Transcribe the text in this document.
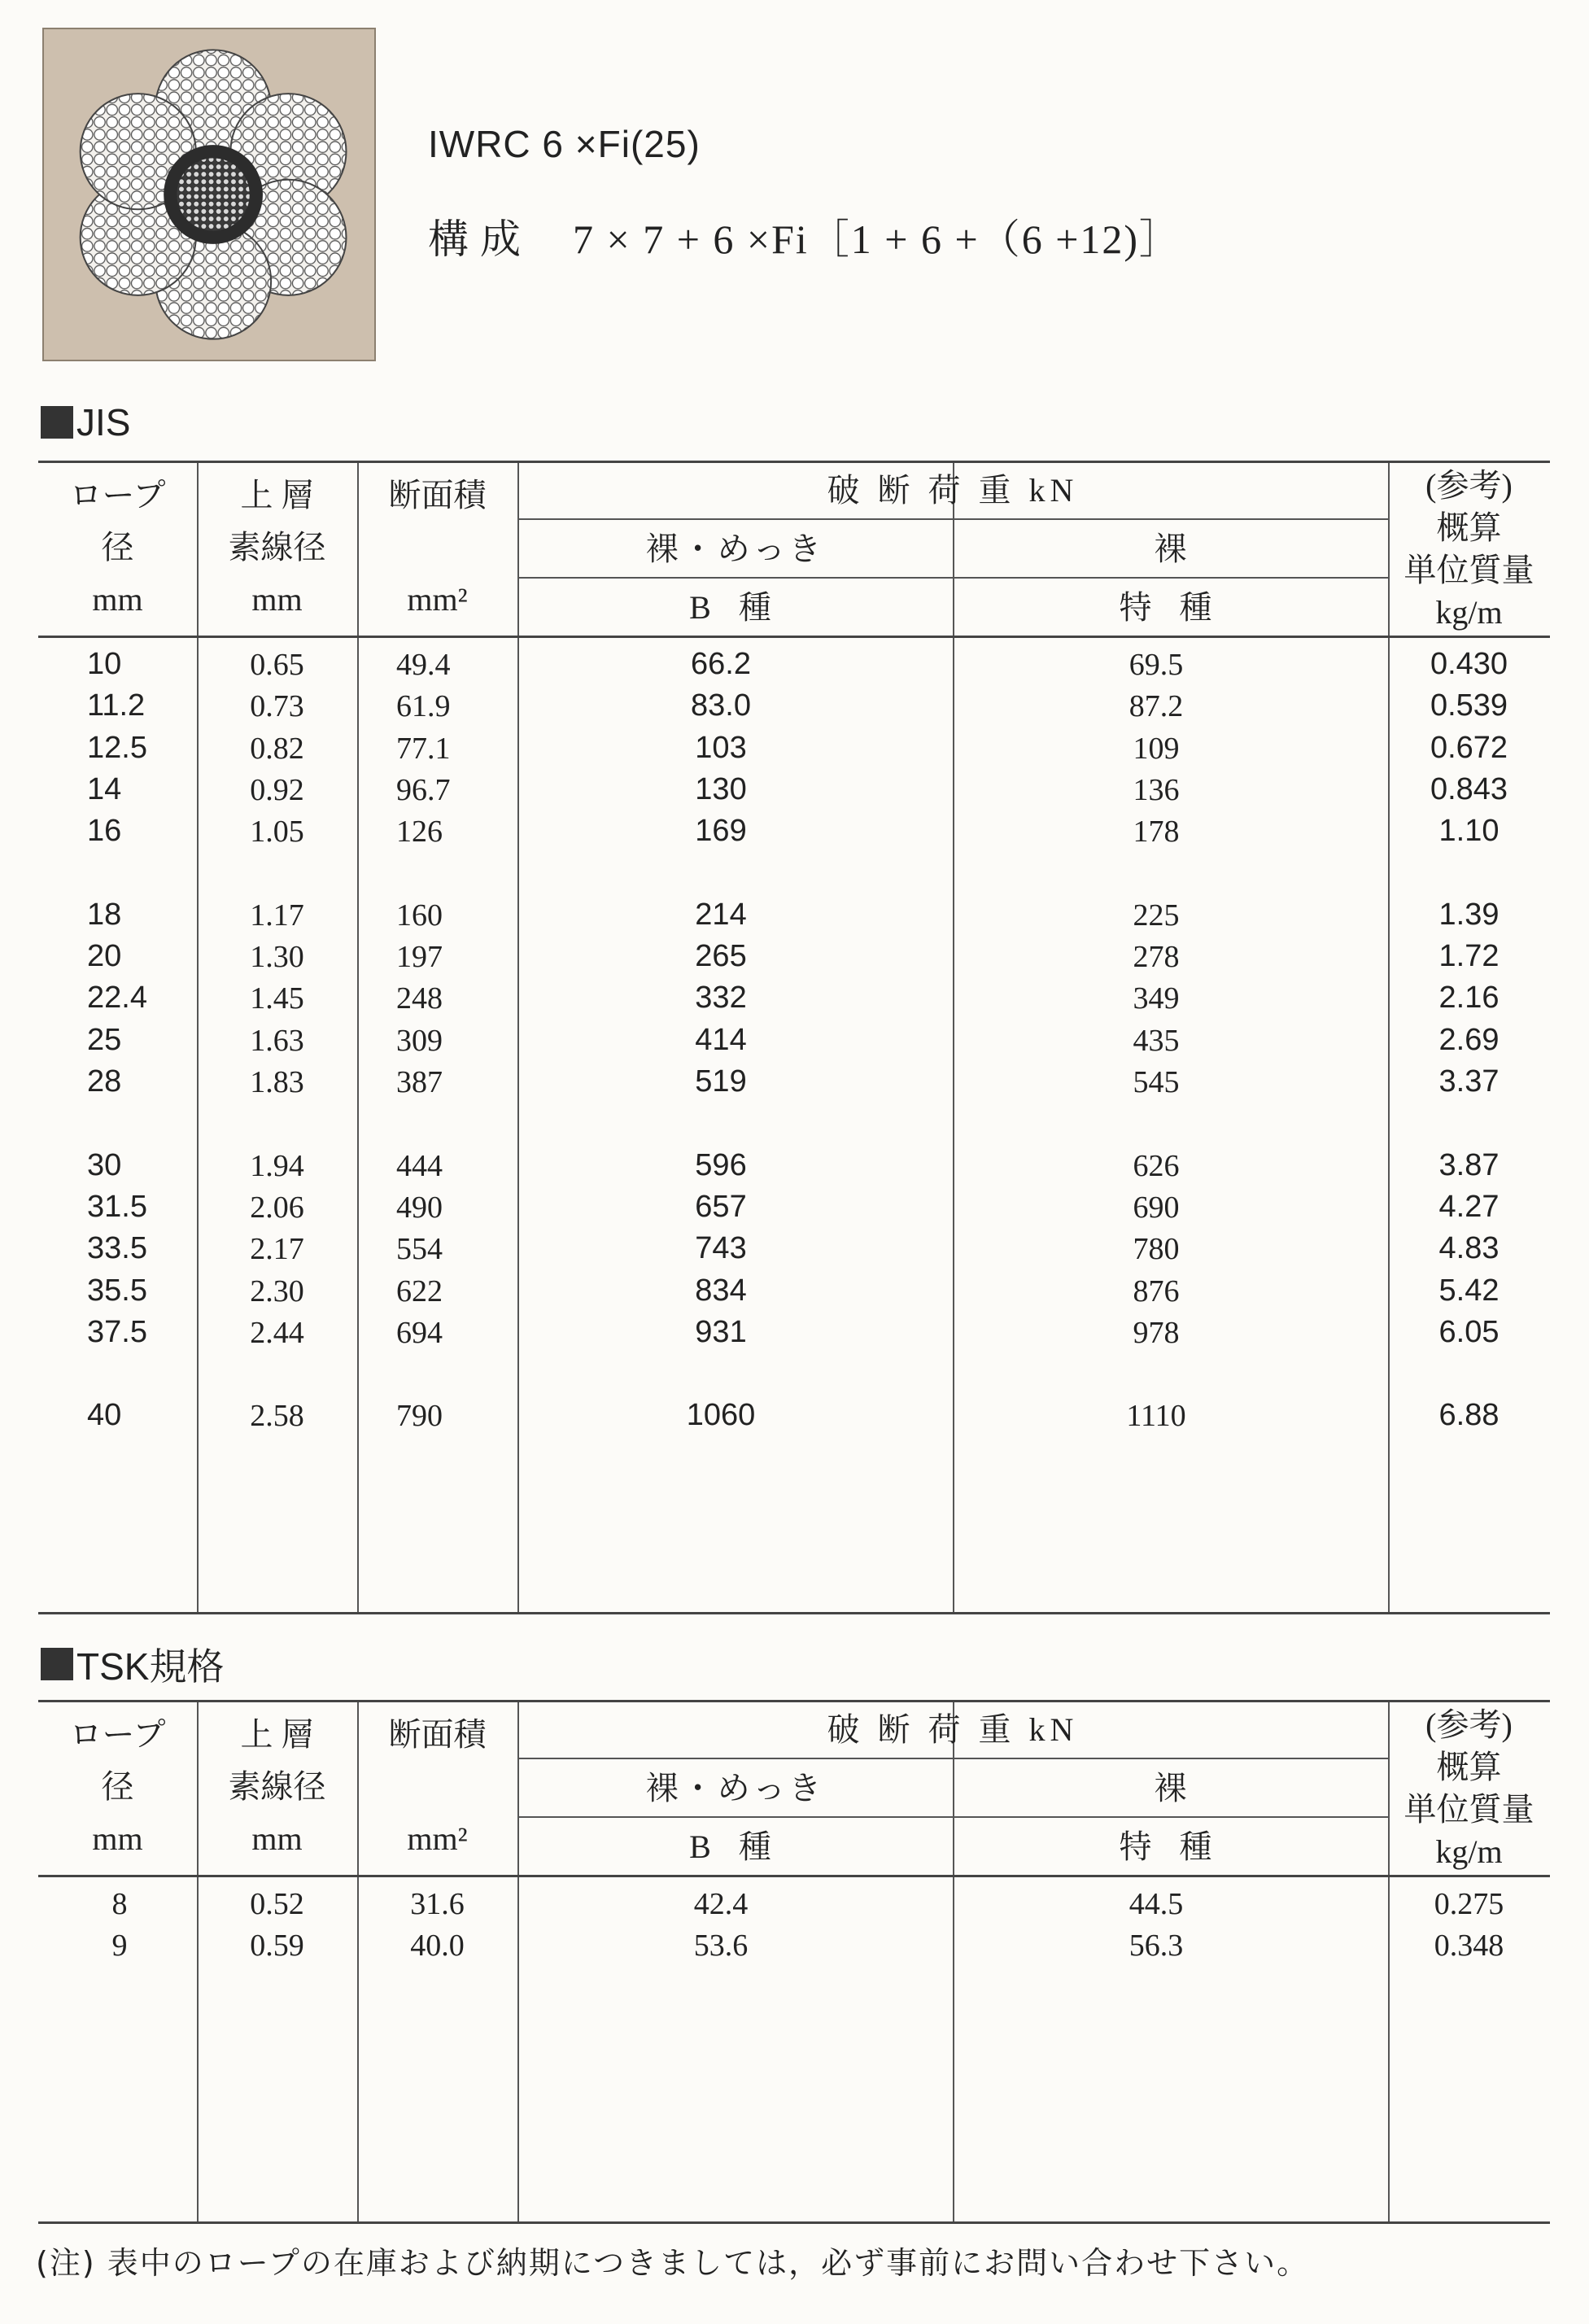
IWRC 6 ×Fi(25)
構成 7 × 7 + 6 ×Fi［1 + 6 +（6 +12)］
JIS
ロープ
径
mm
上 層
素線径
mm
断面積
mm²
破 断 荷 重 kN
裸・めっき	裸
B 種	特 種
(参考)
概算
単位質量
kg/m
10	0.65	49.4	66.2	69.5	0.430
11.2	0.73	61.9	83.0	87.2	0.539
12.5	0.82	77.1	103	109	0.672
14	0.92	96.7	130	136	0.843
16	1.05	126	169	178	1.10
18	1.17	160	214	225	1.39
20	1.30	197	265	278	1.72
22.4	1.45	248	332	349	2.16
25	1.63	309	414	435	2.69
28	1.83	387	519	545	3.37
30	1.94	444	596	626	3.87
31.5	2.06	490	657	690	4.27
33.5	2.17	554	743	780	4.83
35.5	2.30	622	834	876	5.42
37.5	2.44	694	931	978	6.05
40	2.58	790	1060	1110	6.88
TSK規格
ロープ
径
mm
上 層
素線径
mm
断面積
mm²
破 断 荷 重 kN
裸・めっき	裸
B 種	特 種
(参考)
概算
単位質量
kg/m
8	0.52	31.6	42.4	44.5	0.275
9	0.59	40.0	53.6	56.3	0.348
(注) 表中のロープの在庫および納期につきましては，必ず事前にお問い合わせ下さい。
